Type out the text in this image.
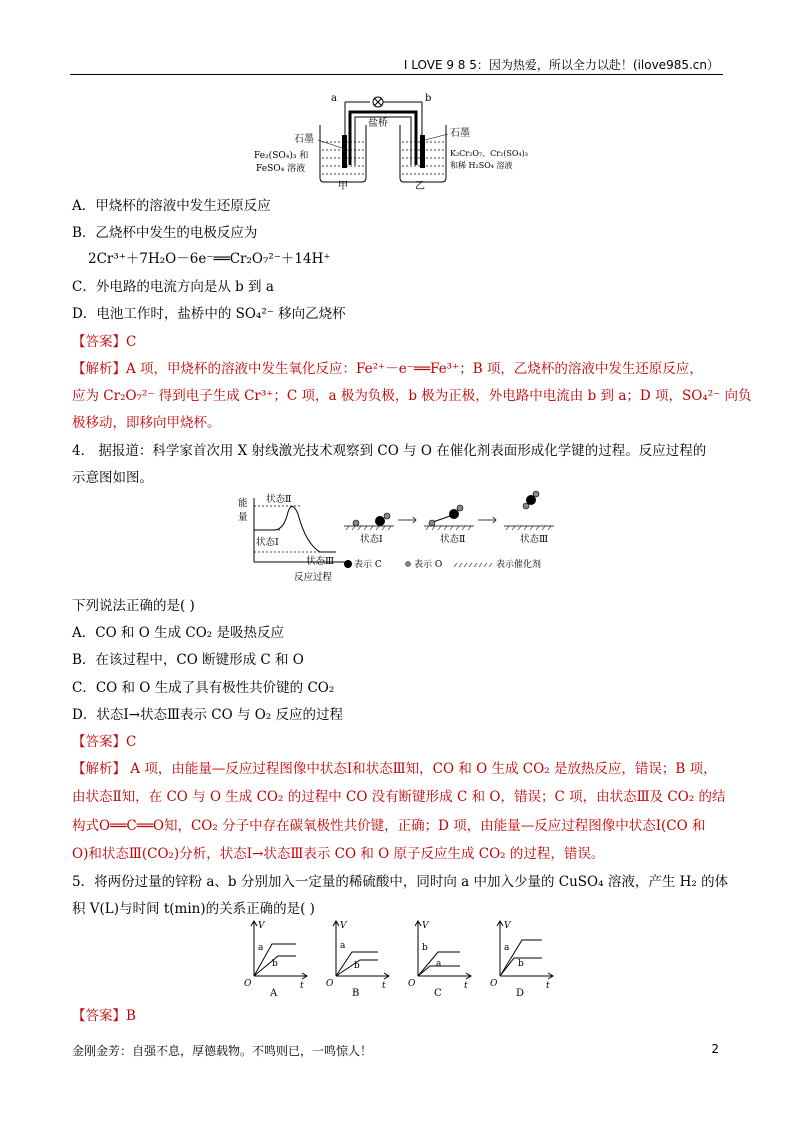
I LOVE 9 8 5：因为热爱，所以全力以赴！(ilove985.cn）
a	b
盐桥
石墨
石墨
Fe₂(SO₄)₃ 和
FeSO₄ 溶液
K₂Cr₂O₇、Cr₂(SO₄)₃
和稀 H₂SO₄ 溶液
甲	乙
A．甲烧杯的溶液中发生还原反应
B．乙烧杯中发生的电极反应为
2Cr³⁺＋7H₂O－6e⁻══Cr₂O₇²⁻＋14H⁺
C．外电路的电流方向是从 b 到 a
D．电池工作时，盐桥中的 SO₄²⁻ 移向乙烧杯
【答案】C
【解析】A 项，甲烧杯的溶液中发生氧化反应：Fe²⁺－e⁻══Fe³⁺；B 项，乙烧杯的溶液中发生还原反应，
应为 Cr₂O₇²⁻ 得到电子生成 Cr³⁺；C 项，a 极为负极，b 极为正极，外电路中电流由 b 到 a；D 项，SO₄²⁻ 向负
极移动，即移向甲烧杯。
4． 据报道：科学家首次用 X 射线激光技术观察到 CO 与 O 在催化剂表面形成化学键的过程。反应过程的
示意图如图。
能
量
状态Ⅱ
状态Ⅰ
状态Ⅲ
反应过程
状态Ⅰ	状态Ⅱ	状态Ⅲ
表示 C	表示 O	表示催化剂
下列说法正确的是( )
A．CO 和 O 生成 CO₂ 是吸热反应
B．在该过程中，CO 断键形成 C 和 O
C．CO 和 O 生成了具有极性共价键的 CO₂
D．状态Ⅰ→状态Ⅲ表示 CO 与 O₂ 反应的过程
【答案】C
【解析】 A 项，由能量—反应过程图像中状态Ⅰ和状态Ⅲ知，CO 和 O 生成 CO₂ 是放热反应，错误；B 项，
由状态Ⅱ知，在 CO 与 O 生成 CO₂ 的过程中 CO 没有断键形成 C 和 O，错误；C 项，由状态Ⅲ及 CO₂ 的结
构式O══C══O知，CO₂ 分子中存在碳氧极性共价键，正确；D 项，由能量—反应过程图像中状态Ⅰ(CO 和
O)和状态Ⅲ(CO₂)分析，状态Ⅰ→状态Ⅲ表示 CO 和 O 原子反应生成 CO₂ 的过程，错误。
5．将两份过量的锌粉 a、b 分别加入一定量的稀硫酸中，同时向 a 中加入少量的 CuSO₄ 溶液，产生 H₂ 的体
积 V(L)与时间 t(min)的关系正确的是( )
V
t
O
a
b
A
V
t
O
a
b
B
V
t
O
b
a
C
V
t
O
a
b
D
【答案】B
金刚金芳：自强不息，厚德载物。不鸣则已，一鸣惊人！	2
